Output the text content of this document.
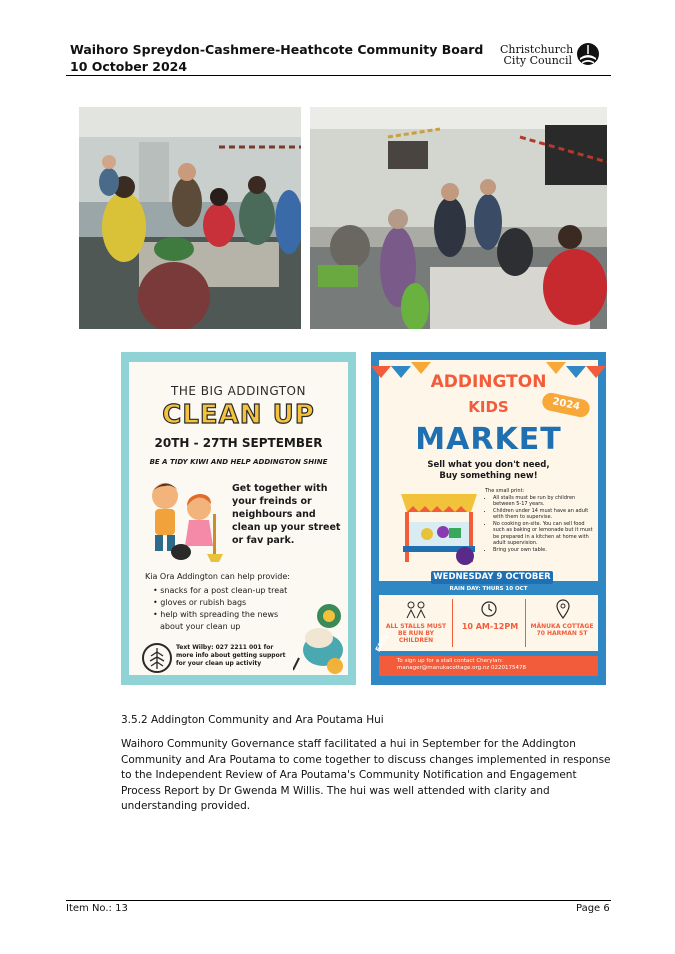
Waihoro Spreydon-Cashmere-Heathcote Community Board
10 October 2024
Christchurch
City Council
THE BIG ADDINGTON
CLEAN UP
20TH - 27TH SEPTEMBER
BE A TIDY KIWI AND HELP ADDINGTON SHINE
Get together with your freinds or neighbours and clean up your street or fav park.
Kia Ora Addington can help provide:
• snacks for a post clean-up treat
• gloves or rubish bags
• help with spreading the news
about your clean up
Text Wilby: 027 2211 001 for
more info about getting support
for your clean up activity
ADDINGTON
KIDS	2024
MARKET
Sell what you don't need,
Buy something new!
The small print:
• All stalls must be run by children between 5-17 years.
• Children under 14 must have an adult with them to supervise.
• No cooking on-site. You can sell food such as baking or lemonade but it must be prepared in a kitchen at home with adult supervision.
• Bring your own table.
WEDNESDAY 9 OCTOBER
RAIN DAY: THURS 10 OCT
ALL STALLS MUST BE RUN BY CHILDREN
10 AM-12PM	MĀNUKA COTTAGE
70 HARMAN ST
To sign up for a stall contact Cherylan:
manager@manukacottage.org.nz 0220175478
FREE!
3.5.2 Addington Community and Ara Poutama Hui
Waihoro Community Governance staff facilitated a hui in September for the Addington Community and Ara Poutama to come together to discuss changes implemented in response to the Independent Review of Ara Poutama's Community Notification and Engagement Process Report by Dr Gwenda M Willis. The hui was well attended with clarity and understanding provided.
Item No.: 13	Page 6
